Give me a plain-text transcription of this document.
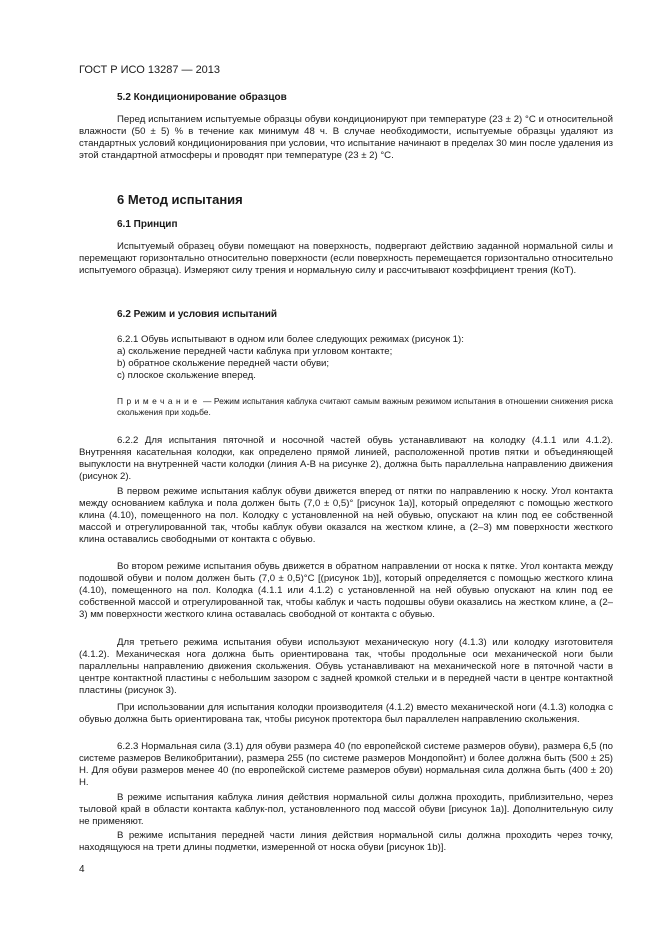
ГОСТ Р ИСО 13287 — 2013
5.2 Кондиционирование образцов

Перед испытанием испытуемые образцы обуви кондиционируют при температуре (23 ± 2) °С и относительной влажности (50 ± 5) % в течение как минимум 48 ч. В случае необходимости, испытуемые образцы удаляют из стандартных условий кондиционирования при условии, что испытание начинают в пределах 30 мин после удаления из этой стандартной атмосферы и проводят при температуре (23 ± 2) °С.

6 Метод испытания
6.1 Принцип

Испытуемый образец обуви помещают на поверхность, подвергают действию заданной нормальной силы и перемещают горизонтально относительно поверхности (если поверхность перемещается горизонтально относительно испытуемого образца). Измеряют силу трения и нормальную силу и рассчитывают коэффициент трения (КоТ).

6.2 Режим и условия испытаний
6.2.1 Обувь испытывают в одном или более следующих режимах (рисунок 1):
a) скольжение передней части каблука при угловом контакте;
b) обратное скольжение передней части обуви;
c) плоское скольжение вперед.

Примечание — Режим испытания каблука считают самым важным режимом испытания в отношении снижения риска скольжения при ходьбе.

6.2.2 Для испытания пяточной и носочной частей обувь устанавливают на колодку (4.1.1 или 4.1.2). Внутренняя касательная колодки, как определено прямой линией, расположенной против пятки и объединяющей выпуклости на внутренней части колодки (линия А-В на рисунке 2), должна быть параллельна направлению движения (рисунок 2).

В первом режиме испытания каблук обуви движется вперед от пятки по направлению к носку. Угол контакта между основанием каблука и пола должен быть (7,0 ± 0,5)° [рисунок 1а)], который определяют с помощью жесткого клина (4.10), помещенного на пол. Колодку с установленной на ней обувью, опускают на клин под ее собственной массой и отрегулированной так, чтобы каблук обуви оказался на жестком клине, а (2–3) мм поверхности жесткого клина оставались свободными от контакта с обувью.

Во втором режиме испытания обувь движется в обратном направлении от носка к пятке. Угол контакта между подошвой обуви и полом должен быть (7,0 ± 0,5)°С [(рисунок 1b)], который определяется с помощью жесткого клина (4.10), помещенного на пол. Колодка (4.1.1 или 4.1.2) с установленной на ней обувью опускают на клин под ее собственной массой и отрегулированной так, чтобы каблук и часть подошвы обуви оказались на жестком клине, а (2–3) мм поверхности жесткого клина оставалась свободной от контакта с обувью.

Для третьего режима испытания обуви используют механическую ногу (4.1.3) или колодку изготовителя (4.1.2). Механическая нога должна быть ориентирована так, чтобы продольные оси механической ноги были параллельны направлению движения скольжения. Обувь устанавливают на механической ноге в пяточной части в центре контактной пластины с небольшим зазором с задней кромкой стельки и в передней части в центре контактной пластины (рисунок 3).

При использовании для испытания колодки производителя (4.1.2) вместо механической ноги (4.1.3) колодка с обувью должна быть ориентирована так, чтобы рисунок протектора был параллелен направлению скольжения.

6.2.3 Нормальная сила (3.1) для обуви размера 40 (по европейской системе размеров обуви), размера 6,5 (по системе размеров Великобритании), размера 255 (по системе размеров Мондопойнт) и более должна быть (500 ± 25) Н. Для обуви размеров менее 40 (по европейской системе размеров обуви) нормальная сила должна быть (400 ± 20) Н.

В режиме испытания каблука линия действия нормальной силы должна проходить, приблизительно, через тыловой край в области контакта каблук-пол, установленного под массой обуви [рисунок 1а)]. Дополнительную силу не применяют.

В режиме испытания передней части линия действия нормальной силы должна проходить через точку, находящуюся на трети длины подметки, измеренной от носка обуви [рисунок 1b)].

4
